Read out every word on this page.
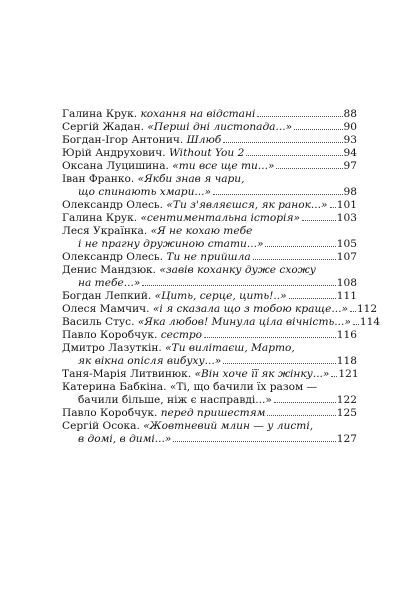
Галина Крук. кохання на відстані	88
Сергій Жадан. «Перші дні листопада...»	90
Богдан-Ігор Антонич. Шлюб	93
Юрій Андрухович. Without You 2	94
Оксана Луцишина. «ти все ще ти...»	97
Іван Франко. «Якби знав я чари,
що спинають хмари...»	98
Олександр Олесь. «Ти з'являєшся, як ранок...» 101
Галина Крук. «сентиментальна історія»	103
Леся Українка. «Я не кохаю тебе
і не прагну дружиною стати...»	105
Олександр Олесь. Ти не прийшла	107
Денис Мандзюк. «завів коханку дуже схожу
на тебе...»	108
Богдан Лепкий. «Цить, серце, цить!..»	111
Олеся Мамчич. «і я сказала що з тобою краще...» 112
Василь Стус. «Яка любов! Минула ціла вічність...» 114
Павло Коробчук. сестро	116
Дмитро Лазуткін. «Ти вилітаєш, Марто,
як вікна опісля вибуху...»	118
Таня-Марія Литвинюк. «Він хоче її як жінку...» 121
Катерина Бабкіна. «Ті, що бачили їх разом —
бачили більше, ніж є насправді...»	122
Павло Коробчук. перед пришестям	125
Сергій Осока. «Жовтневий млин — у листі,
в домі, в димі...»	127
